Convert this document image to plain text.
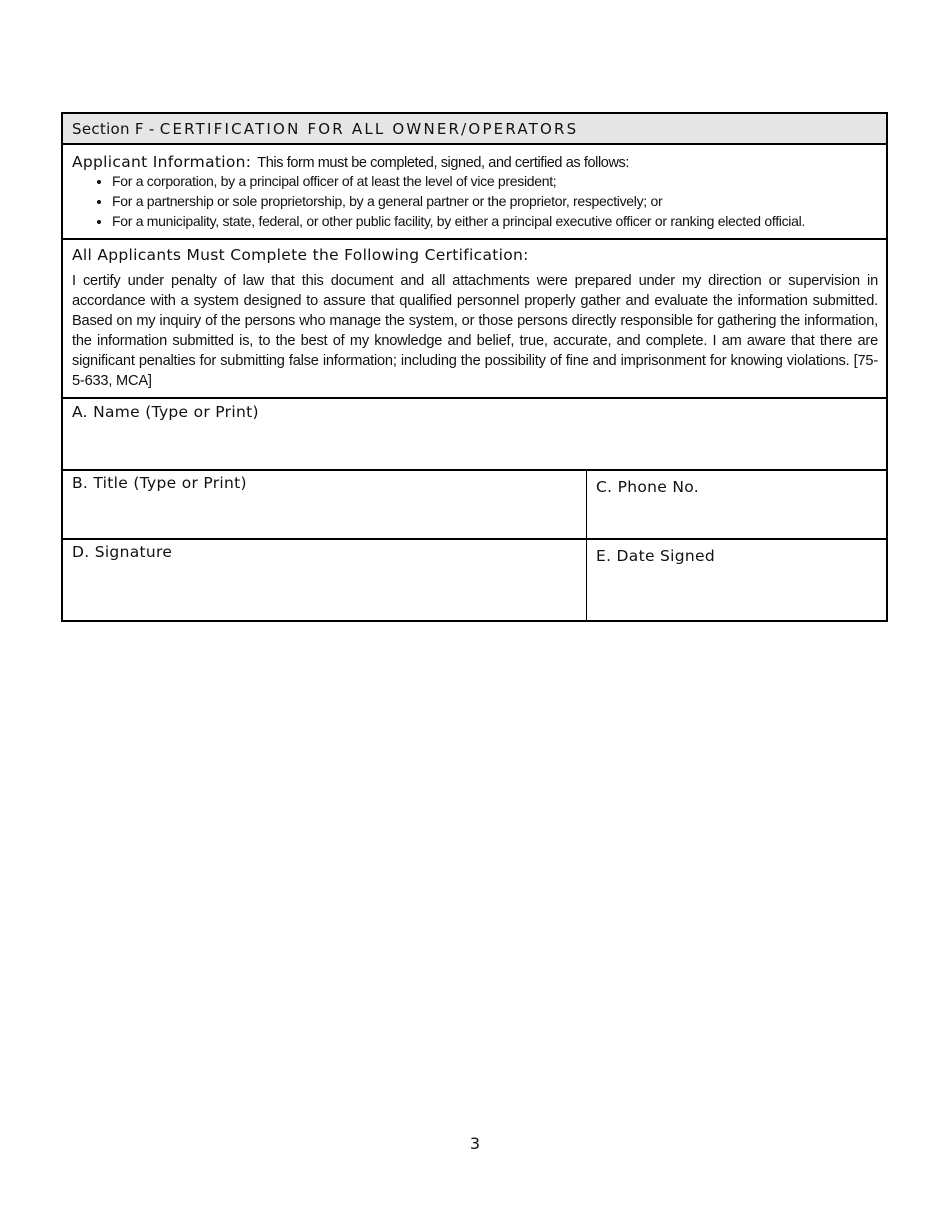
Section F - CERTIFICATION FOR ALL OWNER/OPERATORS
Applicant Information: This form must be completed, signed, and certified as follows:
• For a corporation, by a principal officer of at least the level of vice president;
• For a partnership or sole proprietorship, by a general partner or the proprietor, respectively; or
• For a municipality, state, federal, or other public facility, by either a principal executive officer or ranking elected official.
All Applicants Must Complete the Following Certification:
I certify under penalty of law that this document and all attachments were prepared under my direction or supervision in accordance with a system designed to assure that qualified personnel properly gather and evaluate the information submitted. Based on my inquiry of the persons who manage the system, or those persons directly responsible for gathering the information, the information submitted is, to the best of my knowledge and belief, true, accurate, and complete. I am aware that there are significant penalties for submitting false information; including the possibility of fine and imprisonment for knowing violations. [75-5-633, MCA]
A. Name (Type or Print)
B. Title (Type or Print)	C. Phone No.
D. Signature	E. Date Signed
3
